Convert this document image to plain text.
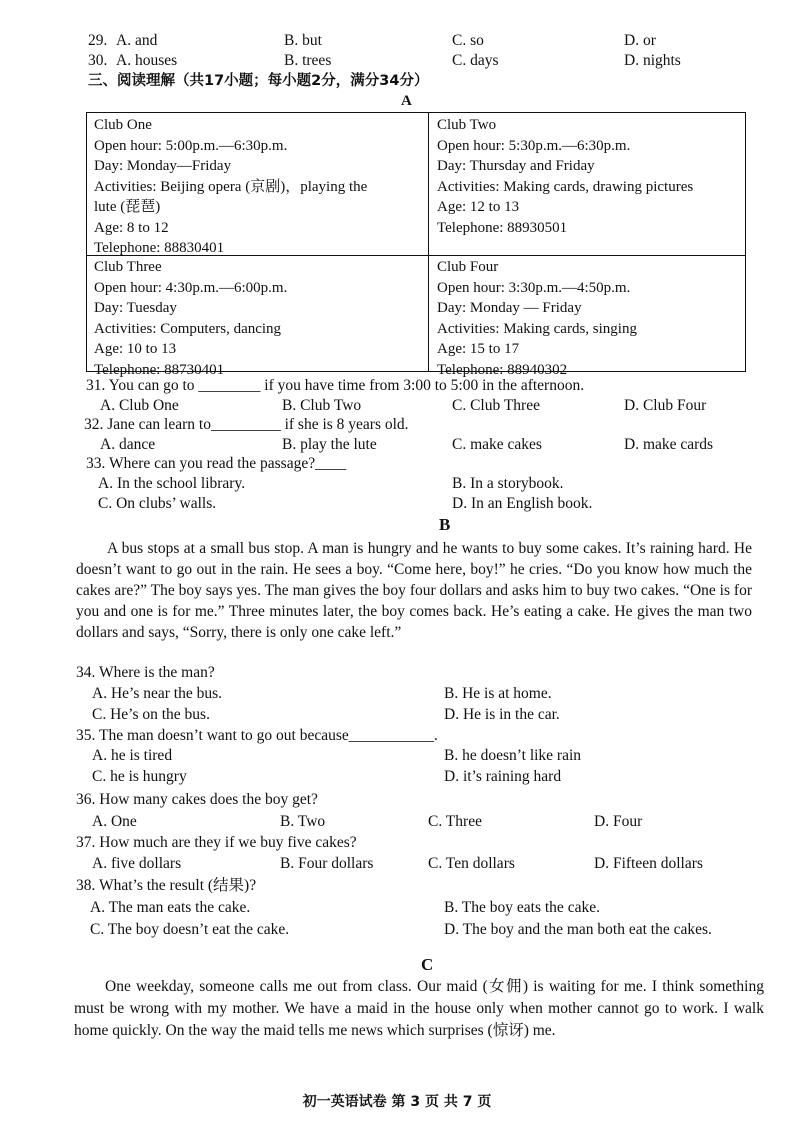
29. A. and	B. but	C. so	D. or
30. A. houses	B. trees	C. days	D. nights
三、阅读理解（共17小题；每小题2分，满分34分）
A
Club One
Open hour: 5:00p.m.—6:30p.m.
Day: Monday—Friday
Activities: Beijing opera (京剧)，playing the
lute (琵琶)
Age: 8 to 12
Telephone: 88830401
Club Two
Open hour: 5:30p.m.—6:30p.m.
Day: Thursday and Friday
Activities: Making cards, drawing pictures
Age: 12 to 13
Telephone: 88930501
Club Three
Open hour: 4:30p.m.—6:00p.m.
Day: Tuesday
Activities: Computers, dancing
Age: 10 to 13
Telephone: 88730401
Club Four
Open hour: 3:30p.m.—4:50p.m.
Day: Monday — Friday
Activities: Making cards, singing
Age: 15 to 17
Telephone: 88940302
31. You can go to ________ if you have time from 3:00 to 5:00 in the afternoon.
A. Club One	B. Club Two	C. Club Three	D. Club Four
32. Jane can learn to_________ if she is 8 years old.
A. dance	B. play the lute	C. make cakes	D. make cards
33. Where can you read the passage?____
A. In the school library.	B. In a storybook.
C. On clubs’ walls.	D. In an English book.
B

A bus stops at a small bus stop. A man is hungry and he wants to buy some cakes. It’s raining hard. He doesn’t want to go out in the rain. He sees a boy. “Come here, boy!” he cries. “Do you know how much the cakes are?” The boy says yes. The man gives the boy four dollars and asks him to buy two cakes. “One is for you and one is for me.” Three minutes later, the boy comes back. He’s eating a cake. He gives the man two dollars and says, “Sorry, there is only one cake left.”

34. Where is the man?
A. He’s near the bus.	B. He is at home.
C. He’s on the bus.	D. He is in the car.
35. The man doesn’t want to go out because___________.
A. he is tired	B. he doesn’t like rain
C. he is hungry	D. it’s raining hard
36. How many cakes does the boy get?
A. One	B. Two	C. Three	D. Four
37. How much are they if we buy five cakes?
A. five dollars	B. Four dollars	C. Ten dollars	D. Fifteen dollars
38. What’s the result (结果)?
A. The man eats the cake.	B. The boy eats the cake.
C. The boy doesn’t eat the cake.	D. The boy and the man both eat the cakes.
C

One weekday, someone calls me out from class. Our maid (女佣) is waiting for me. I think something must be wrong with my mother. We have a maid in the house only when mother cannot go to work. I walk home quickly. On the way the maid tells me news which surprises (惊讶) me.

初一英语试卷 第 3 页 共 7 页
